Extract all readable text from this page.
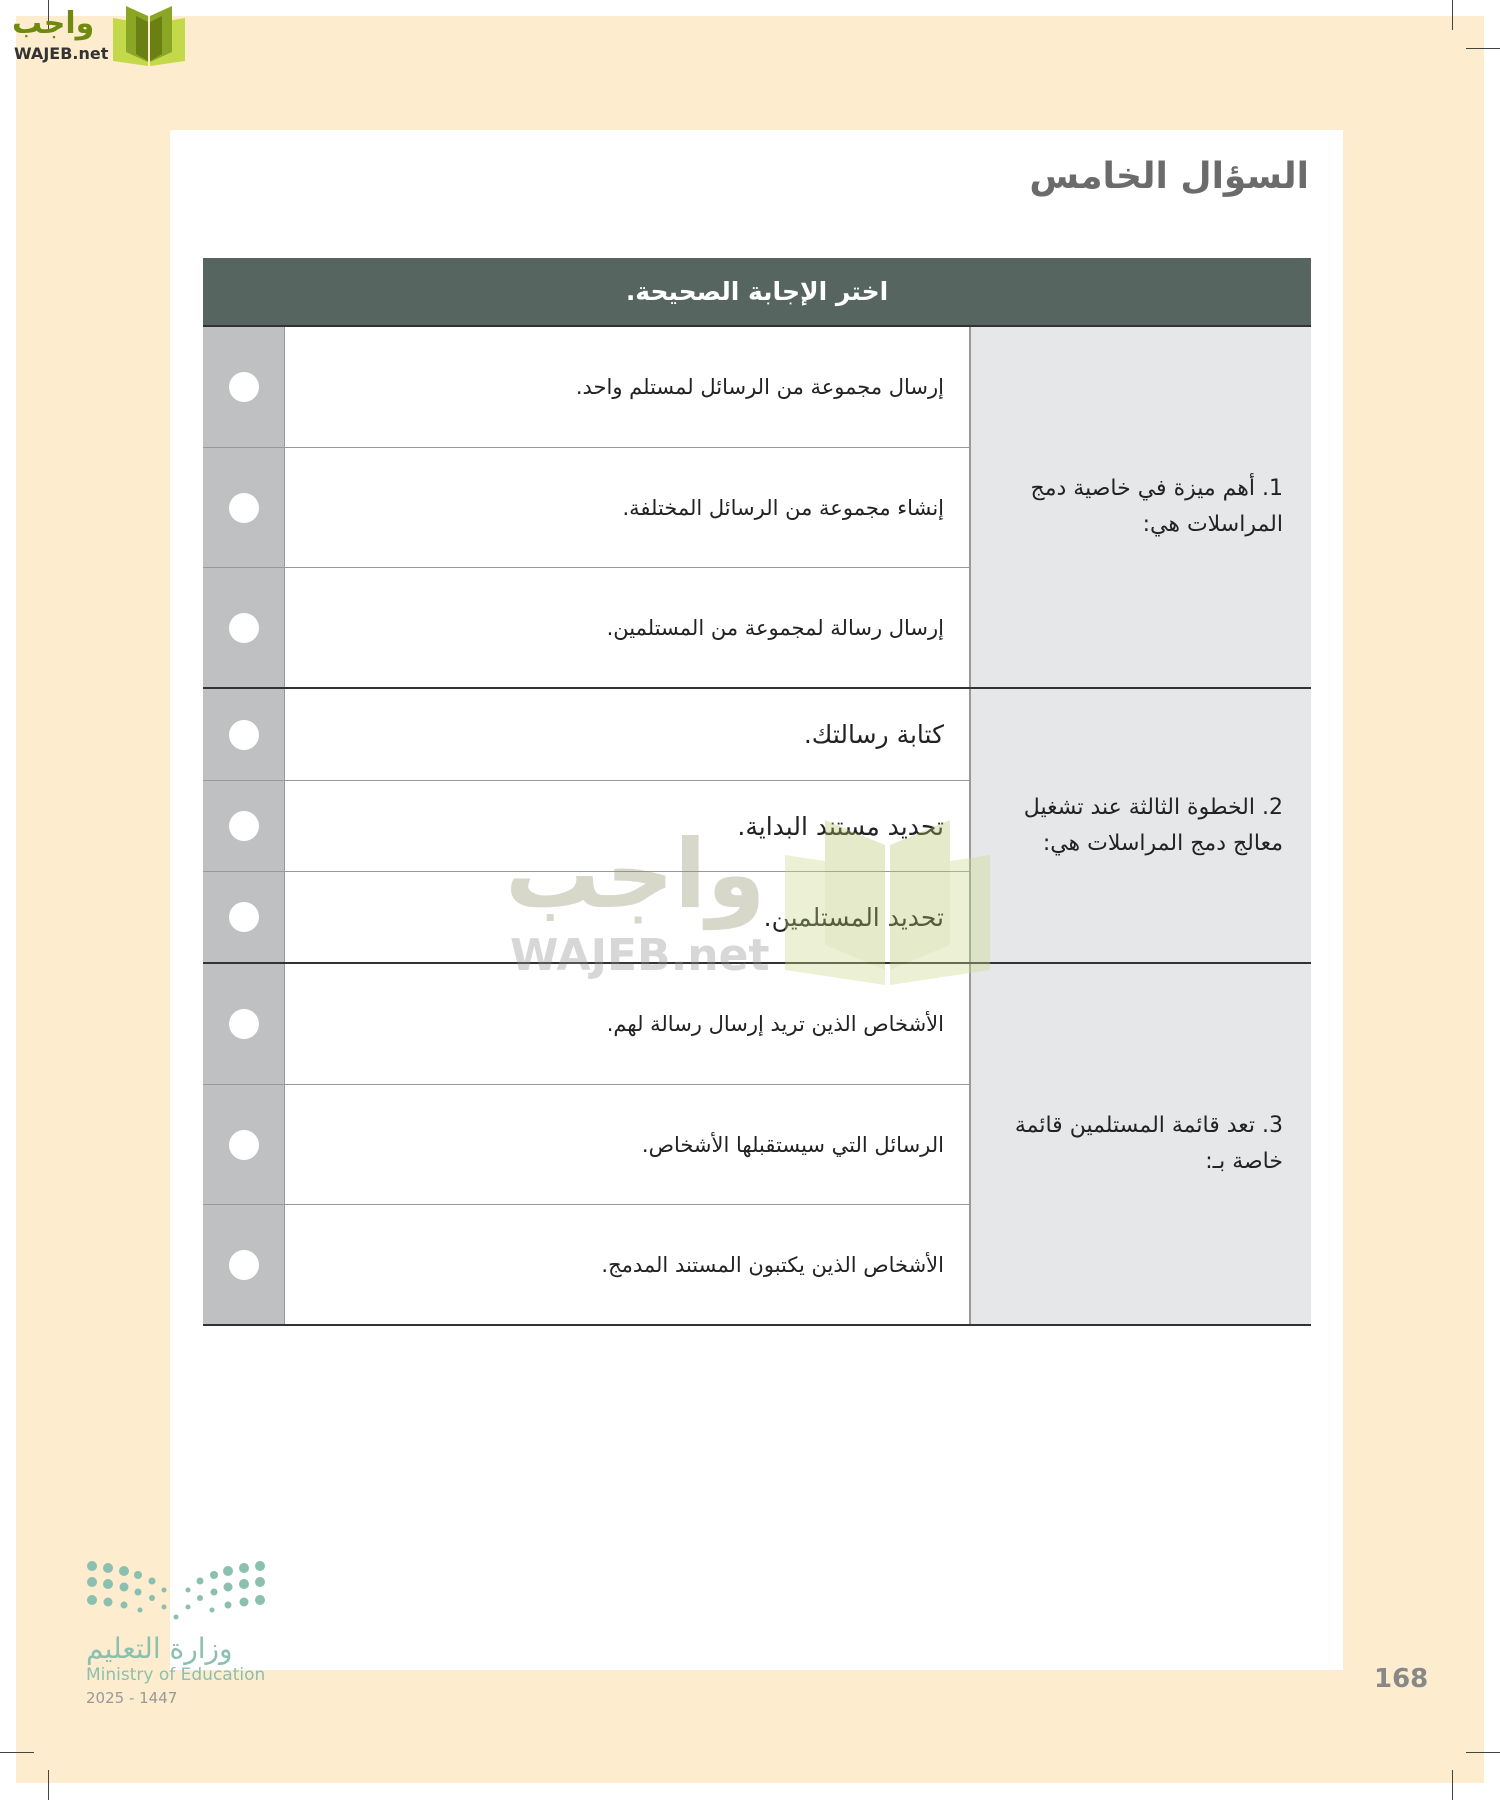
واجب
WAJEB.net
السؤال الخامس
اختر الإجابة الصحيحة.
إرسال مجموعة من الرسائل لمستلم واحد.
إنشاء مجموعة من الرسائل المختلفة.
إرسال رسالة لمجموعة من المستلمين.
1. أهم ميزة في خاصية دمج المراسلات هي:
كتابة رسالتك.
تحديد مستند البداية.
تحديد المستلمين.
2. الخطوة الثالثة عند تشغيل معالج دمج المراسلات هي:
الأشخاص الذين تريد إرسال رسالة لهم.
الرسائل التي سيستقبلها الأشخاص.
الأشخاص الذين يكتبون المستند المدمج.
3. تعد قائمة المستلمين قائمة خاصة بـ:
واجب
WAJEB.net
وزارة التعليم
Ministry of Education
2025 - 1447
168
